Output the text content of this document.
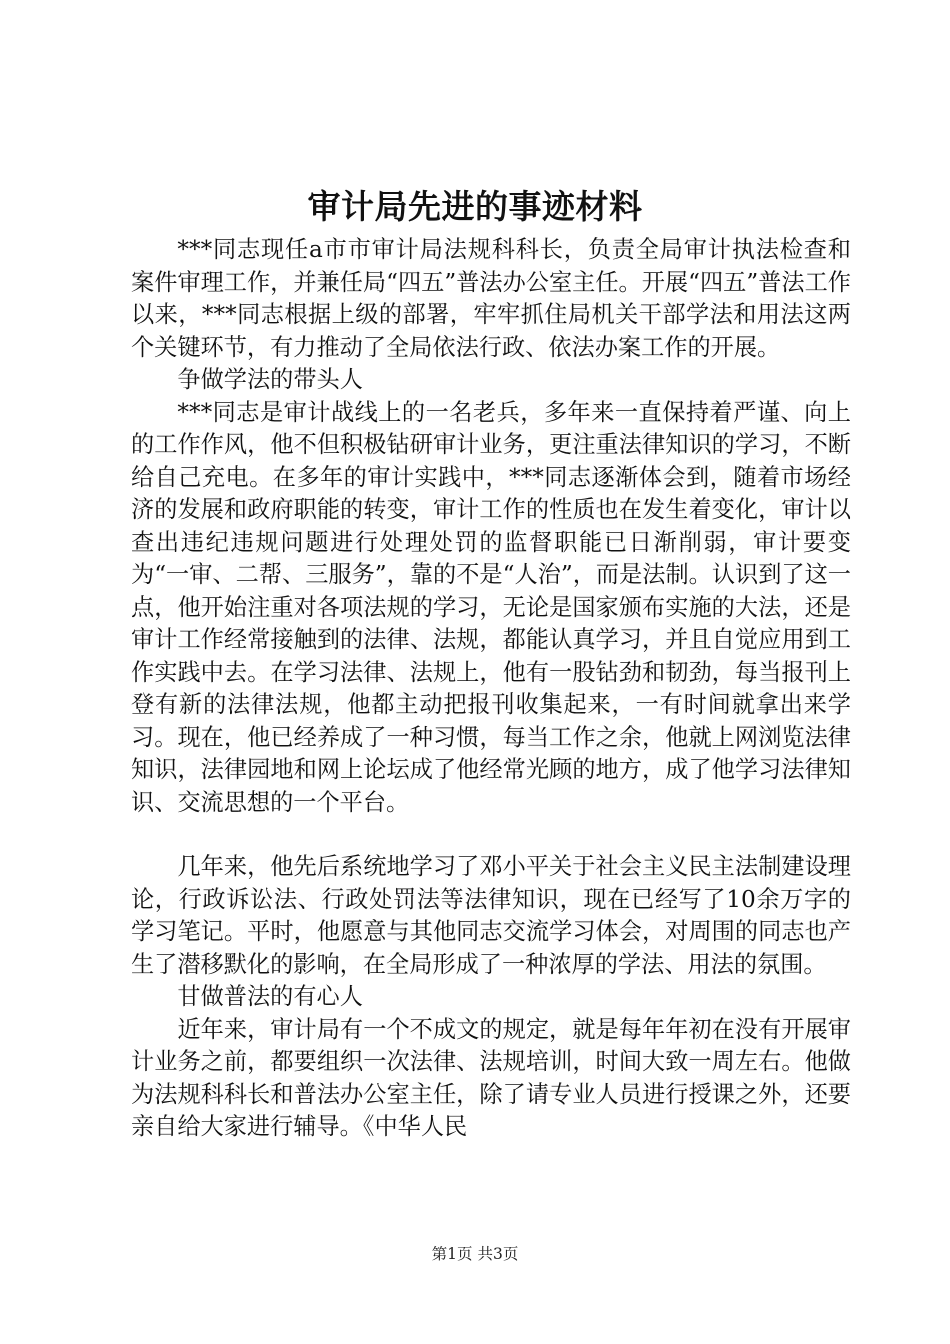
审计局先进的事迹材料

***同志现任a市市审计局法规科科长，负责全局审计执法检查和案件审理工作，并兼任局“四五”普法办公室主任。开展“四五”普法工作以来，***同志根据上级的部署，牢牢抓住局机关干部学法和用法这两个关键环节，有力推动了全局依法行政、依法办案工作的开展。

争做学法的带头人

***同志是审计战线上的一名老兵，多年来一直保持着严谨、向上的工作作风，他不但积极钻研审计业务，更注重法律知识的学习，不断给自己充电。在多年的审计实践中，***同志逐渐体会到，随着市场经济的发展和政府职能的转变，审计工作的性质也在发生着变化，审计以查出违纪违规问题进行处理处罚的监督职能已日渐削弱，审计要变为“一审、二帮、三服务”，靠的不是“人治”，而是法制。认识到了这一点，他开始注重对各项法规的学习，无论是国家颁布实施的大法，还是审计工作经常接触到的法律、法规，都能认真学习，并且自觉应用到工作实践中去。在学习法律、法规上，他有一股钻劲和韧劲，每当报刊上登有新的法律法规，他都主动把报刊收集起来，一有时间就拿出来学习。现在，他已经养成了一种习惯，每当工作之余，他就上网浏览法律知识，法律园地和网上论坛成了他经常光顾的地方，成了他学习法律知识、交流思想的一个平台。

几年来，他先后系统地学习了邓小平关于社会主义民主法制建设理论，行政诉讼法、行政处罚法等法律知识，现在已经写了10余万字的学习笔记。平时，他愿意与其他同志交流学习体会，对周围的同志也产生了潜移默化的影响，在全局形成了一种浓厚的学法、用法的氛围。

甘做普法的有心人

近年来，审计局有一个不成文的规定，就是每年年初在没有开展审计业务之前，都要组织一次法律、法规培训，时间大致一周左右。他做为法规科科长和普法办公室主任，除了请专业人员进行授课之外，还要亲自给大家进行辅导。《中华人民

第1页 共3页
